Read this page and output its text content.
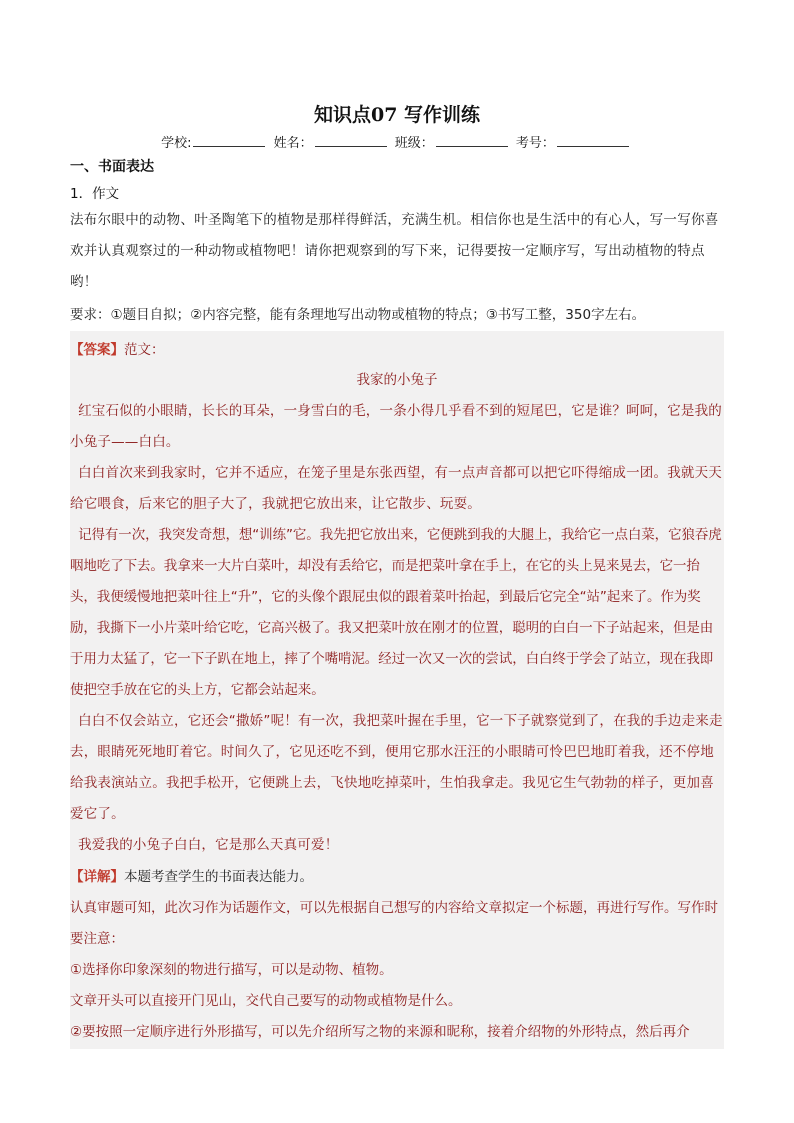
知识点07 写作训练
学校:	姓名：	班级：	考号：
一、书面表达
1．作文
法布尔眼中的动物、叶圣陶笔下的植物是那样得鲜活，充满生机。相信你也是生活中的有心人，写一写你喜欢并认真观察过的一种动物或植物吧！请你把观察到的写下来，记得要按一定顺序写，写出动植物的特点哟！
要求：①题目自拟；②内容完整，能有条理地写出动物或植物的特点；③书写工整，350字左右。
【答案】范文：
我家的小兔子

红宝石似的小眼睛，长长的耳朵，一身雪白的毛，一条小得几乎看不到的短尾巴，它是谁？呵呵，它是我的小兔子——白白。

白白首次来到我家时，它并不适应，在笼子里是东张西望，有一点声音都可以把它吓得缩成一团。我就天天给它喂食，后来它的胆子大了，我就把它放出来，让它散步、玩耍。

记得有一次，我突发奇想，想“训练”它。我先把它放出来，它便跳到我的大腿上，我给它一点白菜，它狼吞虎咽地吃了下去。我拿来一大片白菜叶，却没有丢给它，而是把菜叶拿在手上，在它的头上晃来晃去，它一抬头，我便缓慢地把菜叶往上“升”，它的头像个跟屁虫似的跟着菜叶抬起，到最后它完全“站”起来了。作为奖励，我撕下一小片菜叶给它吃，它高兴极了。我又把菜叶放在刚才的位置，聪明的白白一下子站起来，但是由于用力太猛了，它一下子趴在地上，摔了个嘴啃泥。经过一次又一次的尝试，白白终于学会了站立，现在我即使把空手放在它的头上方，它都会站起来。

白白不仅会站立，它还会“撒娇”呢！有一次，我把菜叶握在手里，它一下子就察觉到了，在我的手边走来走去，眼睛死死地盯着它。时间久了，它见还吃不到，便用它那水汪汪的小眼睛可怜巴巴地盯着我，还不停地给我表演站立。我把手松开，它便跳上去，飞快地吃掉菜叶，生怕我拿走。我见它生气勃勃的样子，更加喜爱它了。

我爱我的小兔子白白，它是那么天真可爱！

【详解】本题考查学生的书面表达能力。

认真审题可知，此次习作为话题作文，可以先根据自己想写的内容给文章拟定一个标题，再进行写作。写作时要注意：

①选择你印象深刻的物进行描写，可以是动物、植物。

文章开头可以直接开门见山，交代自己要写的动物或植物是什么。

②要按照一定顺序进行外形描写，可以先介绍所写之物的来源和昵称，接着介绍物的外形特点，然后再介
